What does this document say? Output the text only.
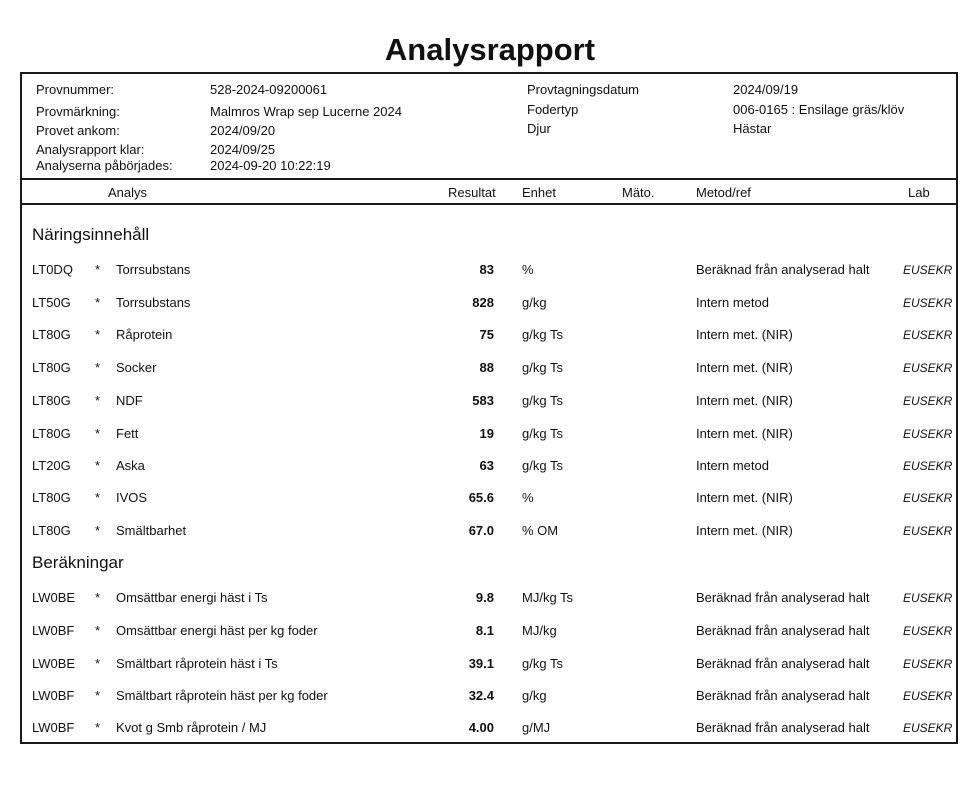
Analysrapport
Provnummer:	528-2024-09200061
Provmärkning:	Malmros Wrap sep Lucerne 2024
Provet ankom:	2024/09/20
Analysrapport klar:	2024/09/25
Analyserna påbörjades:	2024-09-20 10:22:19
Provtagningsdatum	2024/09/19
Fodertyp	006-0165 : Ensilage gräs/klöv
Djur	Hästar
Analys	Resultat Enhet	Mäto.	Metod/ref	Lab
Näringsinnehåll
LT0DQ * Torrsubstans	83 %	Beräknad från analyserad halt	EUSEKR
LT50G * Torrsubstans	828 g/kg	Intern metod	EUSEKR
LT80G * Råprotein	75 g/kg Ts	Intern met. (NIR)	EUSEKR
LT80G * Socker	88 g/kg Ts	Intern met. (NIR)	EUSEKR
LT80G * NDF	583 g/kg Ts	Intern met. (NIR)	EUSEKR
LT80G * Fett	19 g/kg Ts	Intern met. (NIR)	EUSEKR
LT20G * Aska	63 g/kg Ts	Intern metod	EUSEKR
LT80G * IVOS	65.6 %	Intern met. (NIR)	EUSEKR
LT80G * Smältbarhet	67.0 % OM	Intern met. (NIR)	EUSEKR
Beräkningar
LW0BE * Omsättbar energi häst i Ts	9.8 MJ/kg Ts	Beräknad från analyserad halt	EUSEKR
LW0BF * Omsättbar energi häst per kg foder	8.1 MJ/kg	Beräknad från analyserad halt	EUSEKR
LW0BE * Smältbart råprotein häst i Ts	39.1 g/kg Ts	Beräknad från analyserad halt	EUSEKR
LW0BF * Smältbart råprotein häst per kg foder	32.4 g/kg	Beräknad från analyserad halt	EUSEKR
LW0BF * Kvot g Smb råprotein / MJ	4.00 g/MJ	Beräknad från analyserad halt	EUSEKR
